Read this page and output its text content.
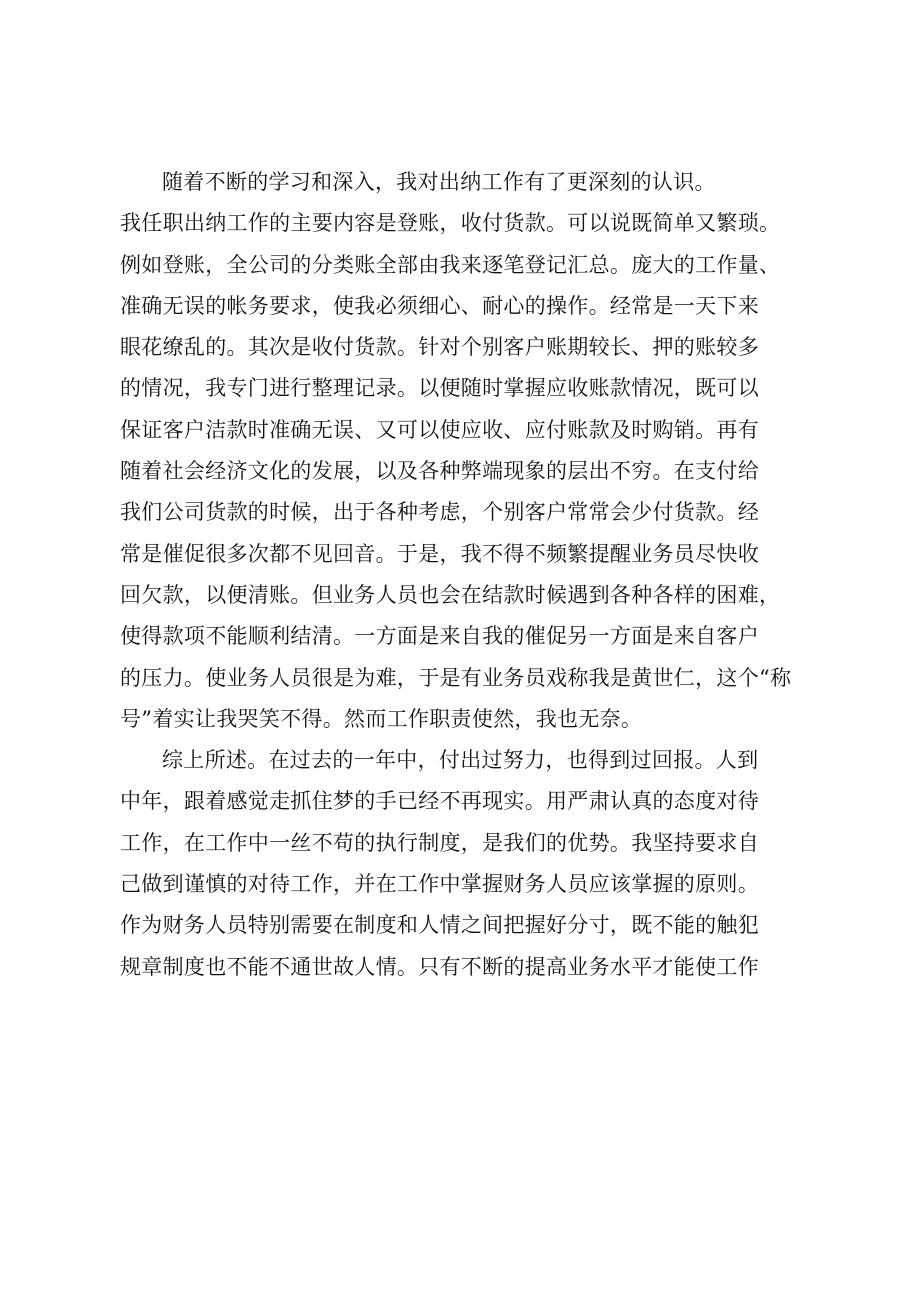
随着不断的学习和深入，我对出纳工作有了更深刻的认识。
我任职出纳工作的主要内容是登账，收付货款。可以说既简单又繁琐。
例如登账，全公司的分类账全部由我来逐笔登记汇总。庞大的工作量、
准确无误的帐务要求，使我必须细心、耐心的操作。经常是一天下来
眼花缭乱的。其次是收付货款。针对个别客户账期较长、押的账较多
的情况，我专门进行整理记录。以便随时掌握应收账款情况，既可以
保证客户洁款时准确无误、又可以使应收、应付账款及时购销。再有
随着社会经济文化的发展，以及各种弊端现象的层出不穷。在支付给
我们公司货款的时候，出于各种考虑，个别客户常常会少付货款。经
常是催促很多次都不见回音。于是，我不得不频繁提醒业务员尽快收
回欠款，以便清账。但业务人员也会在结款时候遇到各种各样的困难，
使得款项不能顺利结清。一方面是来自我的催促另一方面是来自客户
的压力。使业务人员很是为难，于是有业务员戏称我是黄世仁，这个“称
号”着实让我哭笑不得。然而工作职责使然，我也无奈。
综上所述。在过去的一年中，付出过努力，也得到过回报。人到
中年，跟着感觉走抓住梦的手已经不再现实。用严肃认真的态度对待
工作，在工作中一丝不苟的执行制度，是我们的优势。我坚持要求自
己做到谨慎的对待工作，并在工作中掌握财务人员应该掌握的原则。
作为财务人员特别需要在制度和人情之间把握好分寸，既不能的触犯
规章制度也不能不通世故人情。只有不断的提高业务水平才能使工作
